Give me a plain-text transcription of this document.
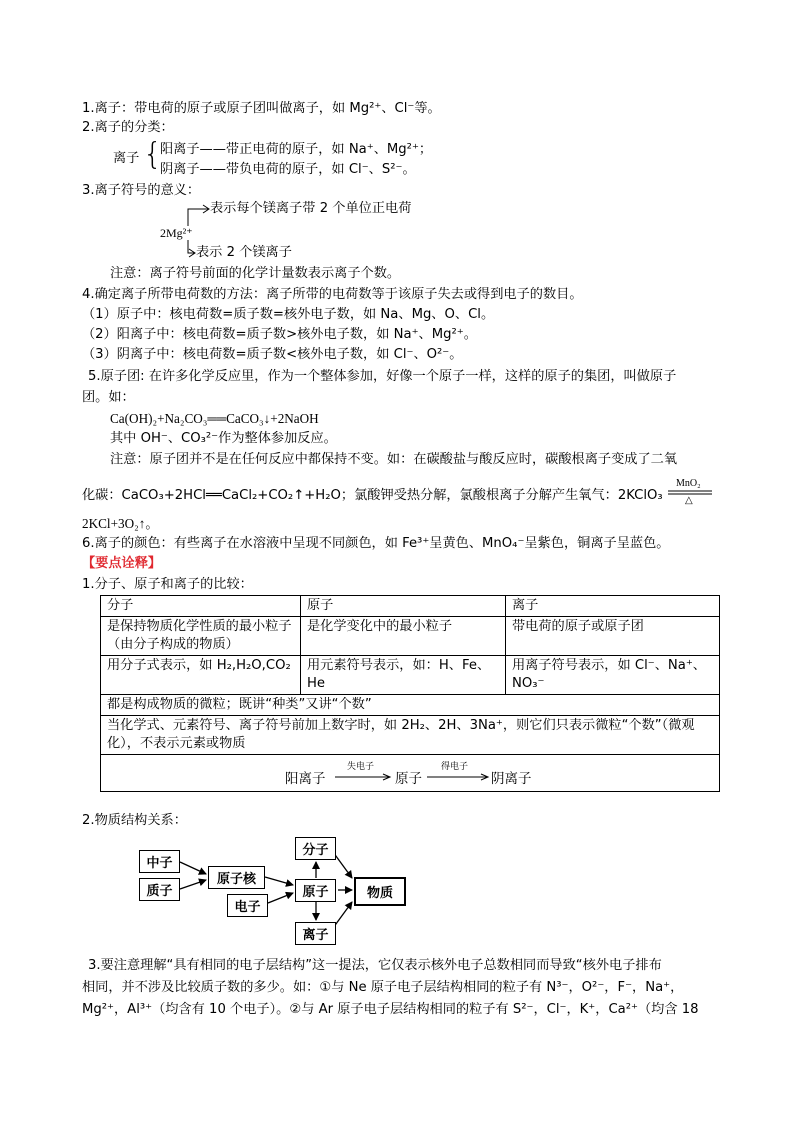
1.离子：带电荷的原子或原子团叫做离子，如 Mg²⁺、Cl⁻等。
2.离子的分类：
离子 {
阳离子——带正电荷的原子，如 Na⁺、Mg²⁺；
阴离子——带负电荷的原子，如 Cl⁻、S²⁻。
3.离子符号的意义：
表示每个镁离子带 2 个单位正电荷
2Mg²⁺
表示 2 个镁离子
注意：离子符号前面的化学计量数表示离子个数。
4.确定离子所带电荷数的方法：离子所带的电荷数等于该原子失去或得到电子的数目。
（1）原子中：核电荷数=质子数=核外电子数，如 Na、Mg、O、Cl。
（2）阳离子中：核电荷数=质子数>核外电子数，如 Na⁺、Mg²⁺。
（3）阴离子中：核电荷数=质子数<核外电子数，如 Cl⁻、O²⁻。
5.原子团: 在许多化学反应里，作为一个整体参加，好像一个原子一样，这样的原子的集团，叫做原子
团。如：
Ca(OH)₂+Na₂CO₃══CaCO₃↓+2NaOH
其中 OH⁻、CO₃²⁻作为整体参加反应。
注意：原子团并不是在任何反应中都保持不变。如：在碳酸盐与酸反应时，碳酸根离子变成了二氧
化碳：CaCO₃+2HCl══CaCl₂+CO₂↑+H₂O；氯酸钾受热分解，氯酸根离子分解产生氧气：2KClO₃
MnO₂
△
2KCl+3O₂↑。
6.离子的颜色：有些离子在水溶液中呈现不同颜色，如 Fe³⁺呈黄色、MnO₄⁻呈紫色，铜离子呈蓝色。
【要点诠释】
1.分子、原子和离子的比较：
分子	原子	离子
是保持物质化学性质的最小粒子（由分子构成的物质）	是化学变化中的最小粒子	带电荷的原子或原子团
用分子式表示，如 H₂,H₂O,CO₂	用元素符号表示，如：H、Fe、He	用离子符号表示，如 Cl⁻、Na⁺、NO₃⁻
都是构成物质的微粒；既讲“种类”又讲“个数”		
当化学式、元素符号、离子符号前加上数字时，如 2H₂、2H、3Na⁺，则它们只表示微粒“个数”（微观化），不表示元素或物质		

阳离子
失电子
原子
得电子
阴离子		
2.物质结构关系：
中子
质子
原子核
电子
分子
原子
离子
物质
3.要注意理解“具有相同的电子层结构”这一提法，它仅表示核外电子总数相同而导致“核外电子排布
相同，并不涉及比较质子数的多少。如：①与 Ne 原子电子层结构相同的粒子有 N³⁻，O²⁻，F⁻，Na⁺，
Mg²⁺，Al³⁺（均含有 10 个电子）。②与 Ar 原子电子层结构相同的粒子有 S²⁻，Cl⁻，K⁺，Ca²⁺（均含 18
